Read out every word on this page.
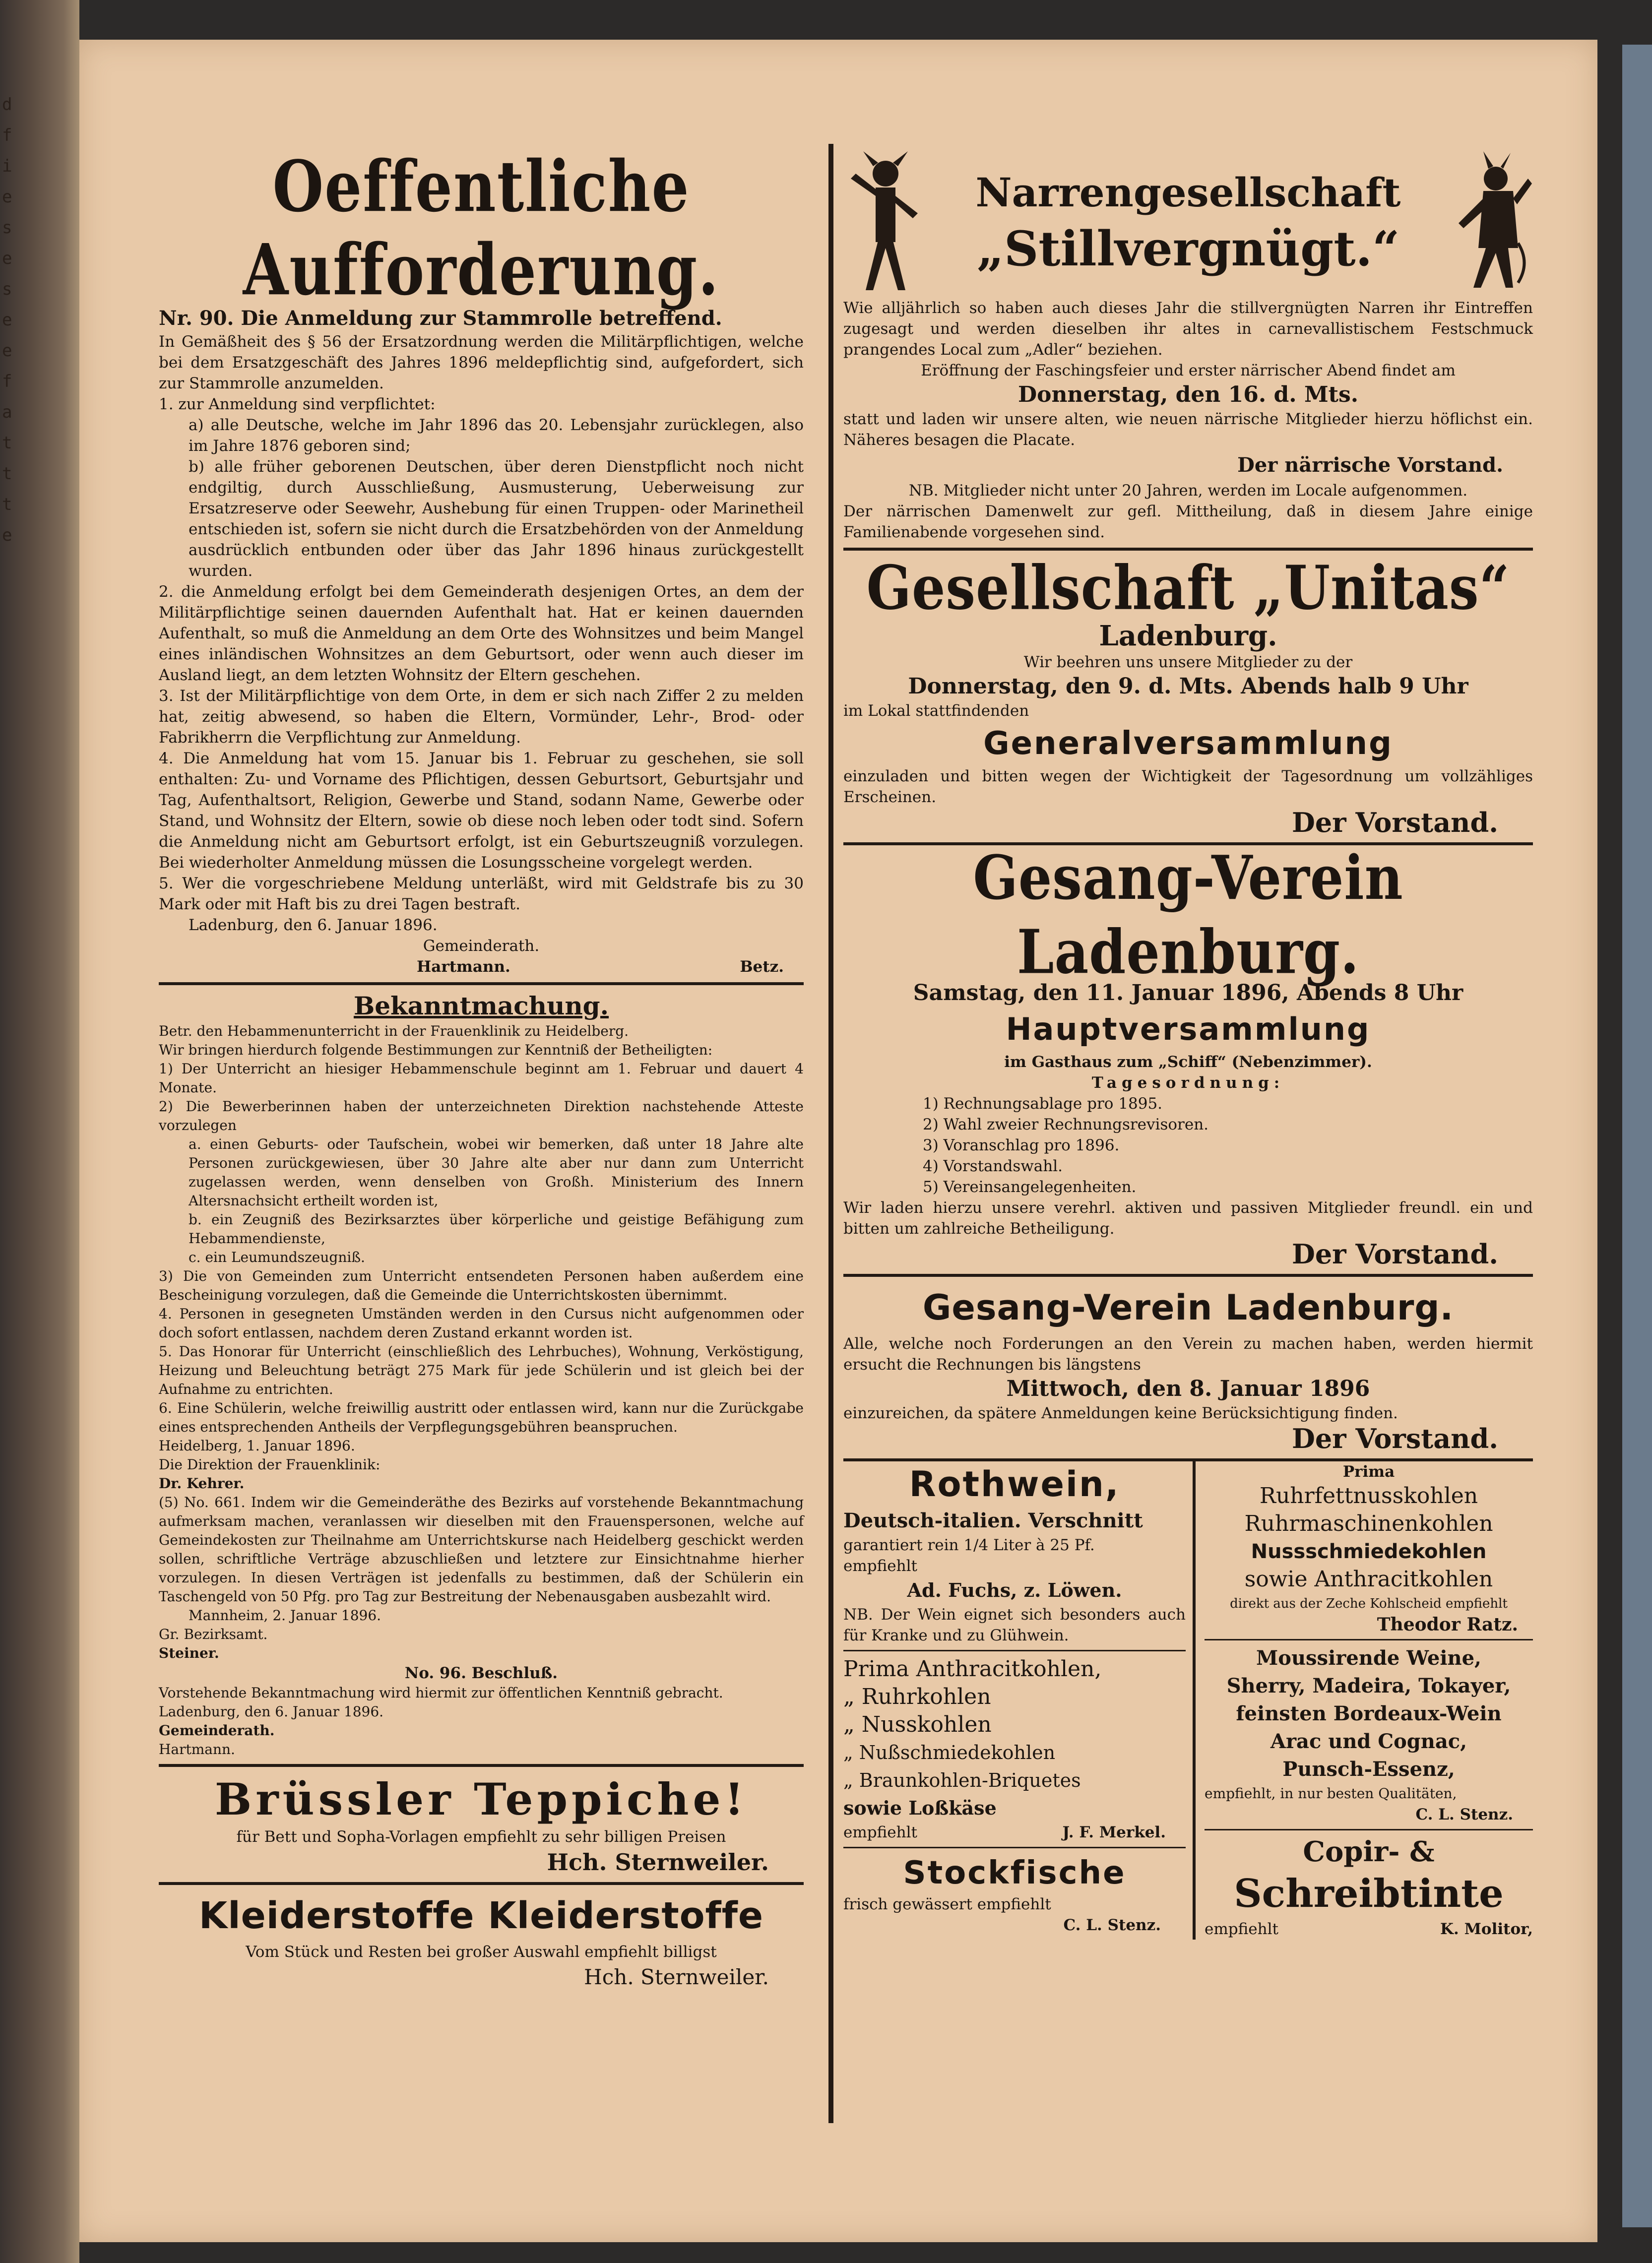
d
f
i
e
s
e
s
e
e
f
a
t
t
t
e
Oeffentliche Aufforderung.
Nr. 90. Die Anmeldung zur Stammrolle betreffend.

In Gemäßheit des § 56 der Ersatzordnung werden die Militärpflichtigen, welche bei dem Ersatzgeschäft des Jahres 1896 meldepflichtig sind, aufgefordert, sich zur Stammrolle anzumelden.

1. zur Anmeldung sind verpflichtet:

a) alle Deutsche, welche im Jahr 1896 das 20. Lebensjahr zurücklegen, also im Jahre 1876 geboren sind;

b) alle früher geborenen Deutschen, über deren Dienstpflicht noch nicht endgiltig, durch Ausschließung, Ausmusterung, Ueberweisung zur Ersatzreserve oder Seewehr, Aushebung für einen Truppen- oder Marinetheil entschieden ist, sofern sie nicht durch die Ersatzbehörden von der Anmeldung ausdrücklich entbunden oder über das Jahr 1896 hinaus zurückgestellt wurden.

2. die Anmeldung erfolgt bei dem Gemeinderath desjenigen Ortes, an dem der Militärpflichtige seinen dauernden Aufenthalt hat. Hat er keinen dauernden Aufenthalt, so muß die Anmeldung an dem Orte des Wohnsitzes und beim Mangel eines inländischen Wohnsitzes an dem Geburtsort, oder wenn auch dieser im Ausland liegt, an dem letzten Wohnsitz der Eltern geschehen.

3. Ist der Militärpflichtige von dem Orte, in dem er sich nach Ziffer 2 zu melden hat, zeitig abwesend, so haben die Eltern, Vormünder, Lehr-, Brod- oder Fabrikherrn die Verpflichtung zur Anmeldung.

4. Die Anmeldung hat vom 15. Januar bis 1. Februar zu geschehen, sie soll enthalten: Zu- und Vorname des Pflichtigen, dessen Geburtsort, Geburtsjahr und Tag, Aufenthaltsort, Religion, Gewerbe und Stand, sodann Name, Gewerbe oder Stand, und Wohnsitz der Eltern, sowie ob diese noch leben oder todt sind. Sofern die Anmeldung nicht am Geburtsort erfolgt, ist ein Geburtszeugniß vorzulegen. Bei wiederholter Anmeldung müssen die Losungsscheine vorgelegt werden.

5. Wer die vorgeschriebene Meldung unterläßt, wird mit Geldstrafe bis zu 30 Mark oder mit Haft bis zu drei Tagen bestraft.

Ladenburg, den 6. Januar 1896.

Gemeinderath.

Hartmann.	Betz.
Bekanntmachung.

Betr. den Hebammenunterricht in der Frauenklinik zu Heidelberg.

Wir bringen hierdurch folgende Bestimmungen zur Kenntniß der Betheiligten:

1) Der Unterricht an hiesiger Hebammenschule beginnt am 1. Februar und dauert 4 Monate.

2) Die Bewerberinnen haben der unterzeichneten Direktion nachstehende Atteste vorzulegen

a. einen Geburts- oder Taufschein, wobei wir bemerken, daß unter 18 Jahre alte Personen zurückgewiesen, über 30 Jahre alte aber nur dann zum Unterricht zugelassen werden, wenn denselben von Großh. Ministerium des Innern Altersnachsicht ertheilt worden ist,

b. ein Zeugniß des Bezirksarztes über körperliche und geistige Befähigung zum Hebammendienste,

c. ein Leumundszeugniß.

3) Die von Gemeinden zum Unterricht entsendeten Personen haben außerdem eine Bescheinigung vorzulegen, daß die Gemeinde die Unterrichtskosten übernimmt.

4. Personen in gesegneten Umständen werden in den Cursus nicht aufgenommen oder doch sofort entlassen, nachdem deren Zustand erkannt worden ist.

5. Das Honorar für Unterricht (einschließlich des Lehrbuches), Wohnung, Verköstigung, Heizung und Beleuchtung beträgt 275 Mark für jede Schülerin und ist gleich bei der Aufnahme zu entrichten.

6. Eine Schülerin, welche freiwillig austritt oder entlassen wird, kann nur die Zurückgabe eines entsprechenden Antheils der Verpflegungsgebühren beanspruchen.

Heidelberg, 1. Januar 1896.

Die Direktion der Frauenklinik:

Dr. Kehrer.

(5) No. 661. Indem wir die Gemeinderäthe des Bezirks auf vorstehende Bekanntmachung aufmerksam machen, veranlassen wir dieselben mit den Frauenspersonen, welche auf Gemeindekosten zur Theilnahme am Unterrichtskurse nach Heidelberg geschickt werden sollen, schriftliche Verträge abzuschließen und letztere zur Einsichtnahme hierher vorzulegen. In diesen Verträgen ist jedenfalls zu bestimmen, daß der Schülerin ein Taschengeld von 50 Pfg. pro Tag zur Bestreitung der Nebenausgaben ausbezahlt wird.

Mannheim, 2. Januar 1896.

Gr. Bezirksamt.

Steiner.

No. 96. Beschluß.

Vorstehende Bekanntmachung wird hiermit zur öffentlichen Kenntniß gebracht.

Ladenburg, den 6. Januar 1896.

Gemeinderath.

Hartmann.

Brüssler Teppiche!

für Bett und Sopha-Vorlagen empfiehlt zu sehr billigen Preisen

Hch. Sternweiler.
Kleiderstoffe Kleiderstoffe

Vom Stück und Resten bei großer Auswahl empfiehlt billigst

Hch. Sternweiler.
Narrengesellschaft
„Stillvergnügt.“

Wie alljährlich so haben auch dieses Jahr die stillvergnügten Narren ihr Eintreffen zugesagt und werden dieselben ihr altes in carnevallistischem Festschmuck prangendes Local zum „Adler“ beziehen.

Eröffnung der Faschingsfeier und erster närrischer Abend findet am

Donnerstag, den 16. d. Mts.

statt und laden wir unsere alten, wie neuen närrische Mitglieder hierzu höflichst ein. Näheres besagen die Placate.

Der närrische Vorstand.

NB. Mitglieder nicht unter 20 Jahren, werden im Locale aufgenommen.

Der närrischen Damenwelt zur gefl. Mittheilung, daß in diesem Jahre einige Familienabende vorgesehen sind.

Gesellschaft „Unitas“
Ladenburg.

Wir beehren uns unsere Mitglieder zu der

Donnerstag, den 9. d. Mts. Abends halb 9 Uhr

im Lokal stattfindenden

Generalversammlung

einzuladen und bitten wegen der Wichtigkeit der Tagesordnung um vollzähliges Erscheinen.

Der Vorstand.
Gesang-Verein Ladenburg.

Samstag, den 11. Januar 1896, Abends 8 Uhr

Hauptversammlung

im Gasthaus zum „Schiff“ (Nebenzimmer).

Tagesordnung:

1) Rechnungsablage pro 1895.

2) Wahl zweier Rechnungsrevisoren.

3) Voranschlag pro 1896.

4) Vorstandswahl.

5) Vereinsangelegenheiten.

Wir laden hierzu unsere verehrl. aktiven und passiven Mitglieder freundl. ein und bitten um zahlreiche Betheiligung.

Der Vorstand.
Gesang-Verein Ladenburg.

Alle, welche noch Forderungen an den Verein zu machen haben, werden hiermit ersucht die Rechnungen bis längstens

Mittwoch, den 8. Januar 1896

einzureichen, da spätere Anmeldungen keine Berücksichtigung finden.

Der Vorstand.
Rothwein,

Deutsch-italien. Verschnitt

garantiert rein 1/4 Liter à 25 Pf.

empfiehlt

Ad. Fuchs, z. Löwen.

NB. Der Wein eignet sich besonders auch für Kranke und zu Glühwein.

Prima Anthracitkohlen,

„ Ruhrkohlen

„ Nusskohlen

„ Nußschmiedekohlen

„ Braunkohlen-Briquetes

sowie Loßkäse

empfiehlt	J. F. Merkel.
Stockfische

frisch gewässert empfiehlt

C. L. Stenz.

Prima

Ruhrfettnusskohlen

Ruhrmaschinenkohlen

Nussschmiedekohlen

sowie Anthracitkohlen

direkt aus der Zeche Kohlscheid empfiehlt

Theodor Ratz.

Moussirende Weine,

Sherry, Madeira, Tokayer,

feinsten Bordeaux-Wein

Arac und Cognac,

Punsch-Essenz,

empfiehlt, in nur besten Qualitäten,

C. L. Stenz.

Copir- &

Schreibtinte

empfiehlt	K. Molitor,
